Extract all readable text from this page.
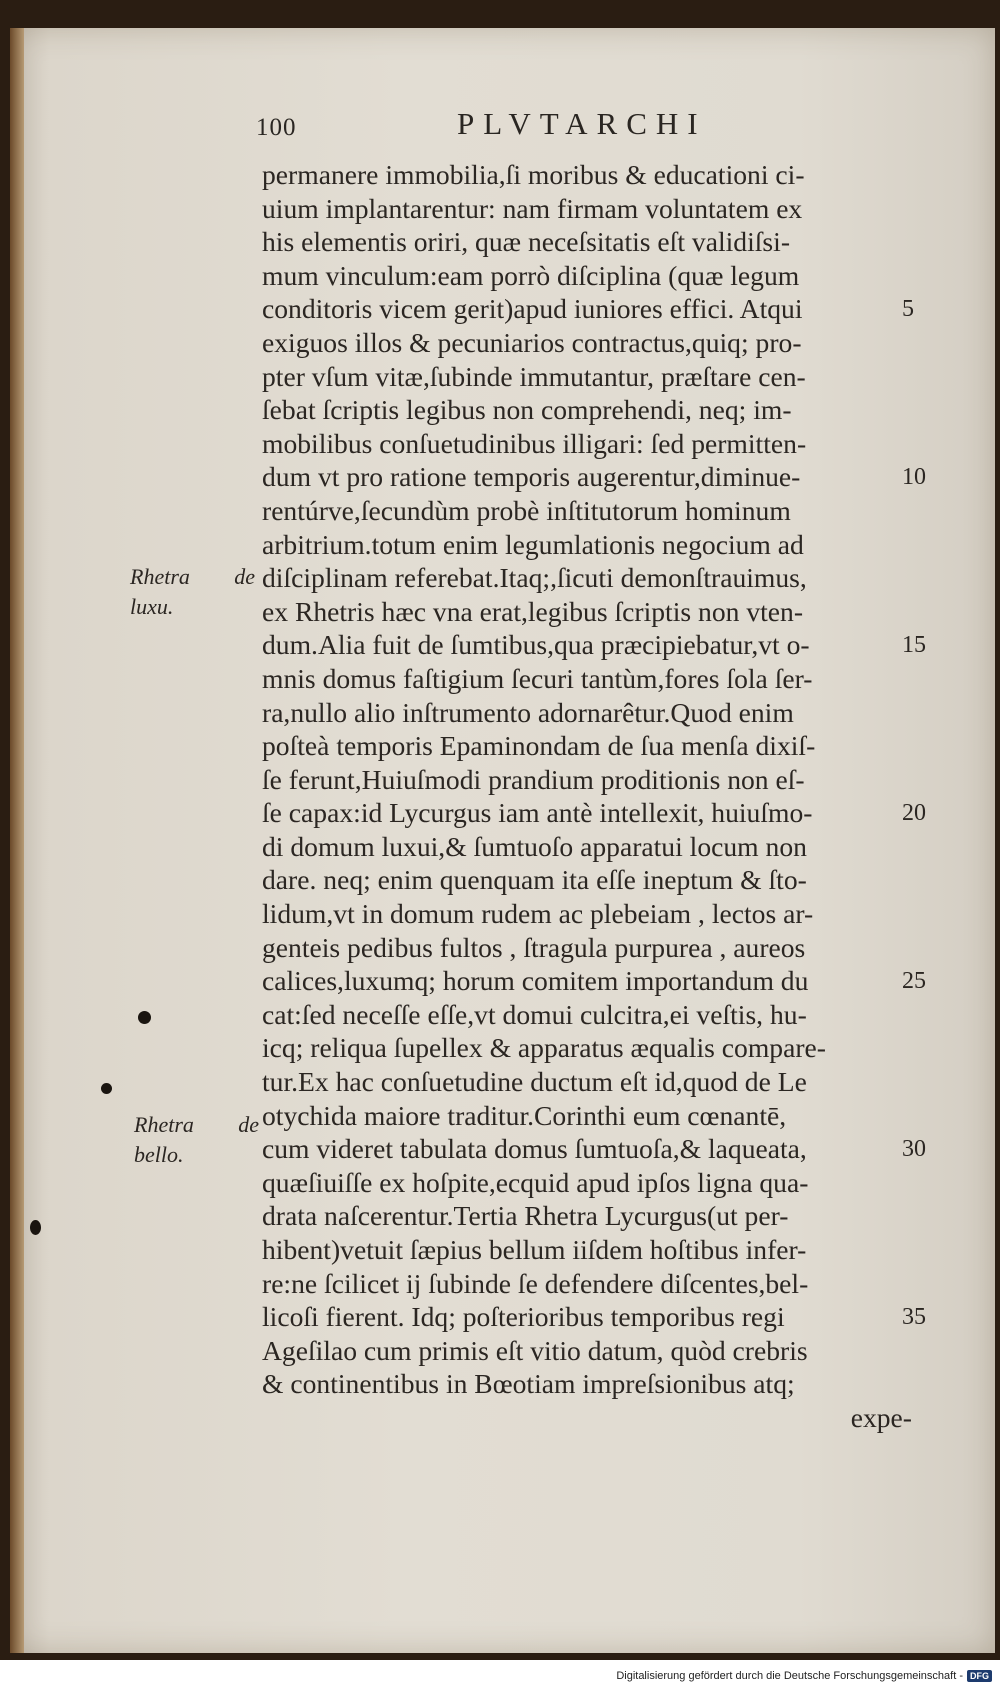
100	PLVTARCHI
permanere immobilia,ſi moribus & educationi ci-
uium implantarentur: nam firmam voluntatem ex
his elementis oriri, quæ neceſsitatis eſt validiſsi-
mum vinculum:eam porrò diſciplina (quæ legum
conditoris vicem gerit)apud iuniores effici. Atqui
exiguos illos & pecuniarios contractus,quiq; pro-
pter vſum vitæ,ſubinde immutantur, præſtare cen-
ſebat ſcriptis legibus non comprehendi, neq; im-
mobilibus conſuetudinibus illigari: ſed permitten-
dum vt pro ratione temporis augerentur,diminue-
rentúrve,ſecundùm probè inſtitutorum hominum
arbitrium.totum enim legumlationis negocium ad
diſciplinam referebat.Itaq;,ſicuti demonſtrauimus,
ex Rhetris hæc vna erat,legibus ſcriptis non vten-
dum.Alia fuit de ſumtibus,qua præcipiebatur,vt o-
mnis domus faſtigium ſecuri tantùm,fores ſola ſer-
ra,nullo alio inſtrumento adornarêtur.Quod enim
poſteà temporis Epaminondam de ſua menſa dixiſ-
ſe ferunt,Huiuſmodi prandium proditionis non eſ-
ſe capax:id Lycurgus iam antè intellexit, huiuſmo-
di domum luxui,& ſumtuoſo apparatui locum non
dare. neq; enim quenquam ita eſſe ineptum & ſto-
lidum,vt in domum rudem ac plebeiam , lectos ar-
genteis pedibus fultos , ſtragula purpurea , aureos
calices,luxumq; horum comitem importandum du
cat:ſed neceſſe eſſe,vt domui culcitra,ei veſtis, hu-
icq; reliqua ſupellex & apparatus æqualis compare-
tur.Ex hac conſuetudine ductum eſt id,quod de Le
otychida maiore traditur.Corinthi eum cœnantē,
cum videret tabulata domus ſumtuoſa,& laqueata,
quæſiuiſſe ex hoſpite,ecquid apud ipſos ligna qua-
drata naſcerentur.Tertia Rhetra Lycurgus(ut per-
hibent)vetuit ſæpius bellum iiſdem hoſtibus infer-
re:ne ſcilicet ij ſubinde ſe defendere diſcentes,bel-
licoſi fierent. Idq; poſterioribus temporibus regi
Ageſilao cum primis eſt vitio datum, quòd crebris
& continentibus in Bœotiam impreſsionibus atq;
expe-
5
10
15
20
25
30
35
Rhetra de
luxu.
Rhetra de
bello.
Digitalisierung gefördert durch die Deutsche Forschungsgemeinschaft - DFG
